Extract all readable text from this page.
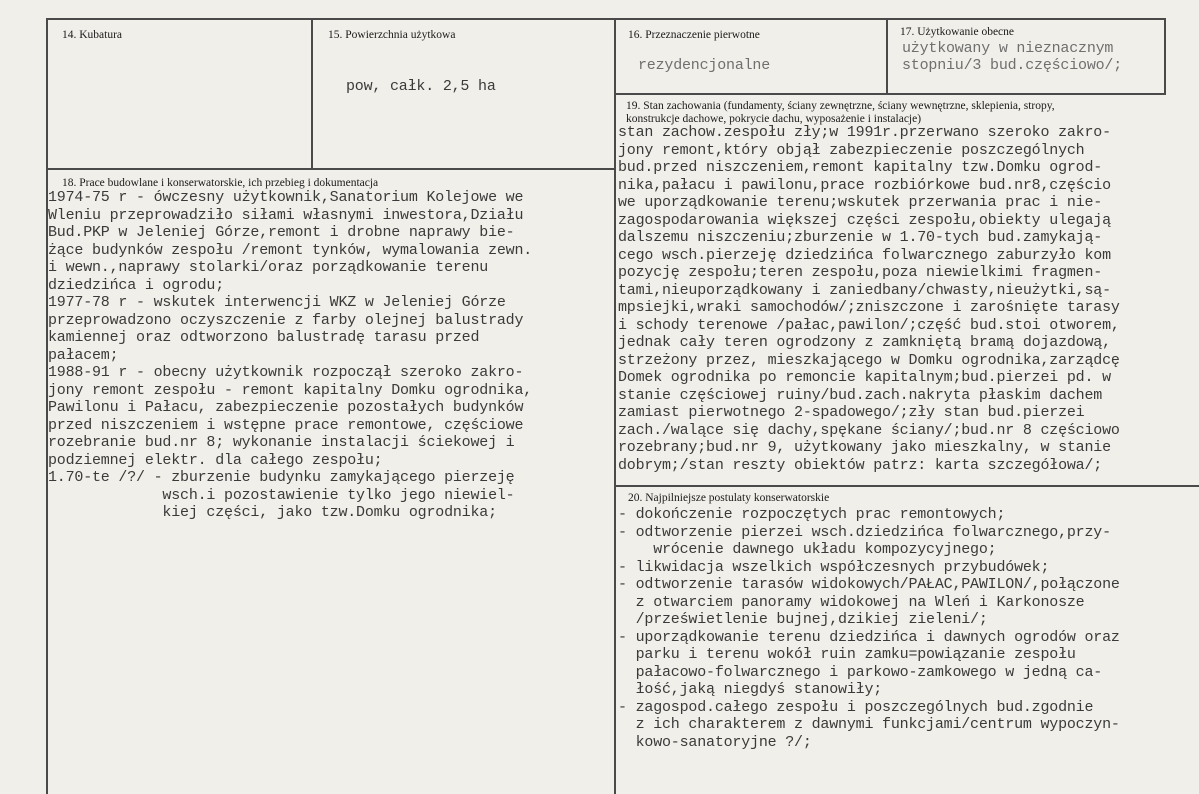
14. Kubatura	15. Powierzchnia użytkowa
pow, całk. 2,5 ha
16. Przeznaczenie pierwotne
rezydencjonalne
17. Użytkowanie obecne
użytkowany w nieznacznym
stopniu/3 bud.częściowo/;
18. Prace budowlane i konserwatorskie, ich przebieg i dokumentacja
1974-75 r - ówczesny użytkownik,Sanatorium Kolejowe we
Wleniu przeprowadziło siłami własnymi inwestora,Działu
Bud.PKP w Jeleniej Górze,remont i drobne naprawy bie-
żące budynków zespołu /remont tynków, wymalowania zewn.
i wewn.,naprawy stolarki/oraz porządkowanie terenu
dziedzińca i ogrodu;
1977-78 r - wskutek interwencji WKZ w Jeleniej Górze
przeprowadzono oczyszczenie z farby olejnej balustrady
kamiennej oraz odtworzono balustradę tarasu przed
pałacem;
1988-91 r - obecny użytkownik rozpoczął szeroko zakro-
jony remont zespołu - remont kapitalny Domku ogrodnika,
Pawilonu i Pałacu, zabezpieczenie pozostałych budynków
przed niszczeniem i wstępne prace remontowe, częściowe
rozebranie bud.nr 8; wykonanie instalacji ściekowej i
podziemnej elektr. dla całego zespołu;
1.70-te /?/ - zburzenie budynku zamykającego pierzeję
wsch.i pozostawienie tylko jego niewiel-
kiej części, jako tzw.Domku ogrodnika;
19. Stan zachowania (fundamenty, ściany zewnętrzne, ściany wewnętrzne, sklepienia, stropy, konstrukcje dachowe, pokrycie dachu, wyposażenie i instalacje)
stan zachow.zespołu zły;w 1991r.przerwano szeroko zakro-
jony remont,który objął zabezpieczenie poszczególnych
bud.przed niszczeniem,remont kapitalny tzw.Domku ogrod-
nika,pałacu i pawilonu,prace rozbiórkowe bud.nr8,częścio
we uporządkowanie terenu;wskutek przerwania prac i nie-
zagospodarowania większej części zespołu,obiekty ulegają
dalszemu niszczeniu;zburzenie w 1.70-tych bud.zamykają-
cego wsch.pierzeję dziedzińca folwarcznego zaburzyło kom
pozycję zespołu;teren zespołu,poza niewielkimi fragmen-
tami,nieuporządkowany i zaniedbany/chwasty,nieużytki,są-
mpsiejki,wraki samochodów/;zniszczone i zarośnięte tarasy
i schody terenowe /pałac,pawilon/;część bud.stoi otworem,
jednak cały teren ogrodzony z zamkniętą bramą dojazdową,
strzeżony przez, mieszkającego w Domku ogrodnika,zarządcę
Domek ogrodnika po remoncie kapitalnym;bud.pierzei pd. w
stanie częściowej ruiny/bud.zach.nakryta płaskim dachem
zamiast pierwotnego 2-spadowego/;zły stan bud.pierzei
zach./walące się dachy,spękane ściany/;bud.nr 8 częściowo
rozebrany;bud.nr 9, użytkowany jako mieszkalny, w stanie
dobrym;/stan reszty obiektów patrz: karta szczegółowa/;
20. Najpilniejsze postulaty konserwatorskie
- dokończenie rozpoczętych prac remontowych;
- odtworzenie pierzei wsch.dziedzińca folwarcznego,przy-
wrócenie dawnego układu kompozycyjnego;
- likwidacja wszelkich współczesnych przybudówek;
- odtworzenie tarasów widokowych/PAŁAC,PAWILON/,połączone
z otwarciem panoramy widokowej na Wleń i Karkonosze
/prześwietlenie bujnej,dzikiej zieleni/;
- uporządkowanie terenu dziedzińca i dawnych ogrodów oraz
parku i terenu wokół ruin zamku=powiązanie zespołu
pałacowo-folwarcznego i parkowo-zamkowego w jedną ca-
łość,jaką niegdyś stanowiły;
- zagospod.całego zespołu i poszczególnych bud.zgodnie
z ich charakterem z dawnymi funkcjami/centrum wypoczyn-
kowo-sanatoryjne ?/;
